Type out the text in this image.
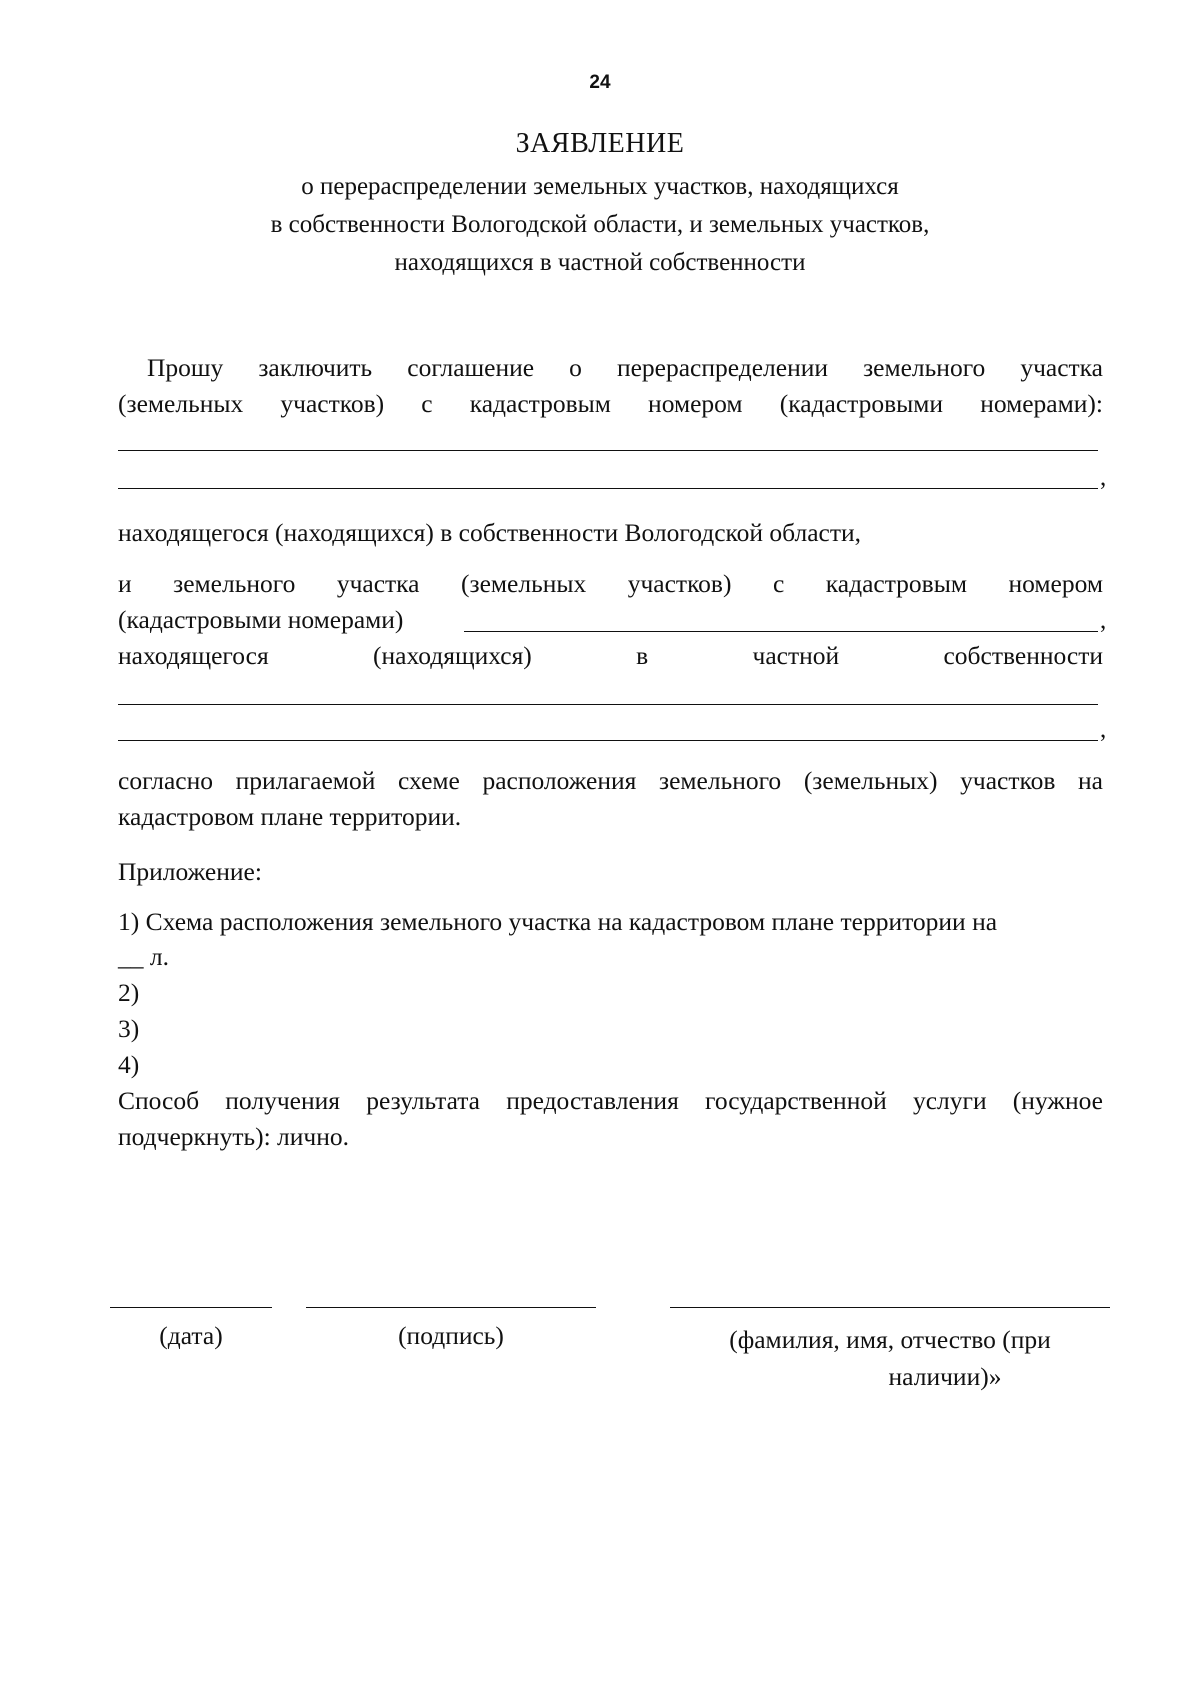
24
ЗАЯВЛЕНИЕ
о перераспределении земельных участков, находящихся
в собственности Вологодской области, и земельных участков,
находящихся в частной собственности
Прошу заключить соглашение о перераспределении земельного участка
(земельных участков) с кадастровым номером (кадастровыми номерами):
,
находящегося (находящихся) в собственности Вологодской области,
и земельного участка (земельных участков) с кадастровым номером
(кадастровыми номерами)	,
находящегося (находящихся) в частной собственности
,
согласно прилагаемой схеме расположения земельного (земельных) участков на
кадастровом плане территории.
Приложение:
1) Схема расположения земельного участка на кадастровом плане территории на
__ л.
2)
3)
4)
Способ получения результата предоставления государственной услуги (нужное
подчеркнуть): лично.
(дата)	(подпись)	(фамилия, имя, отчество (при
наличии)»
